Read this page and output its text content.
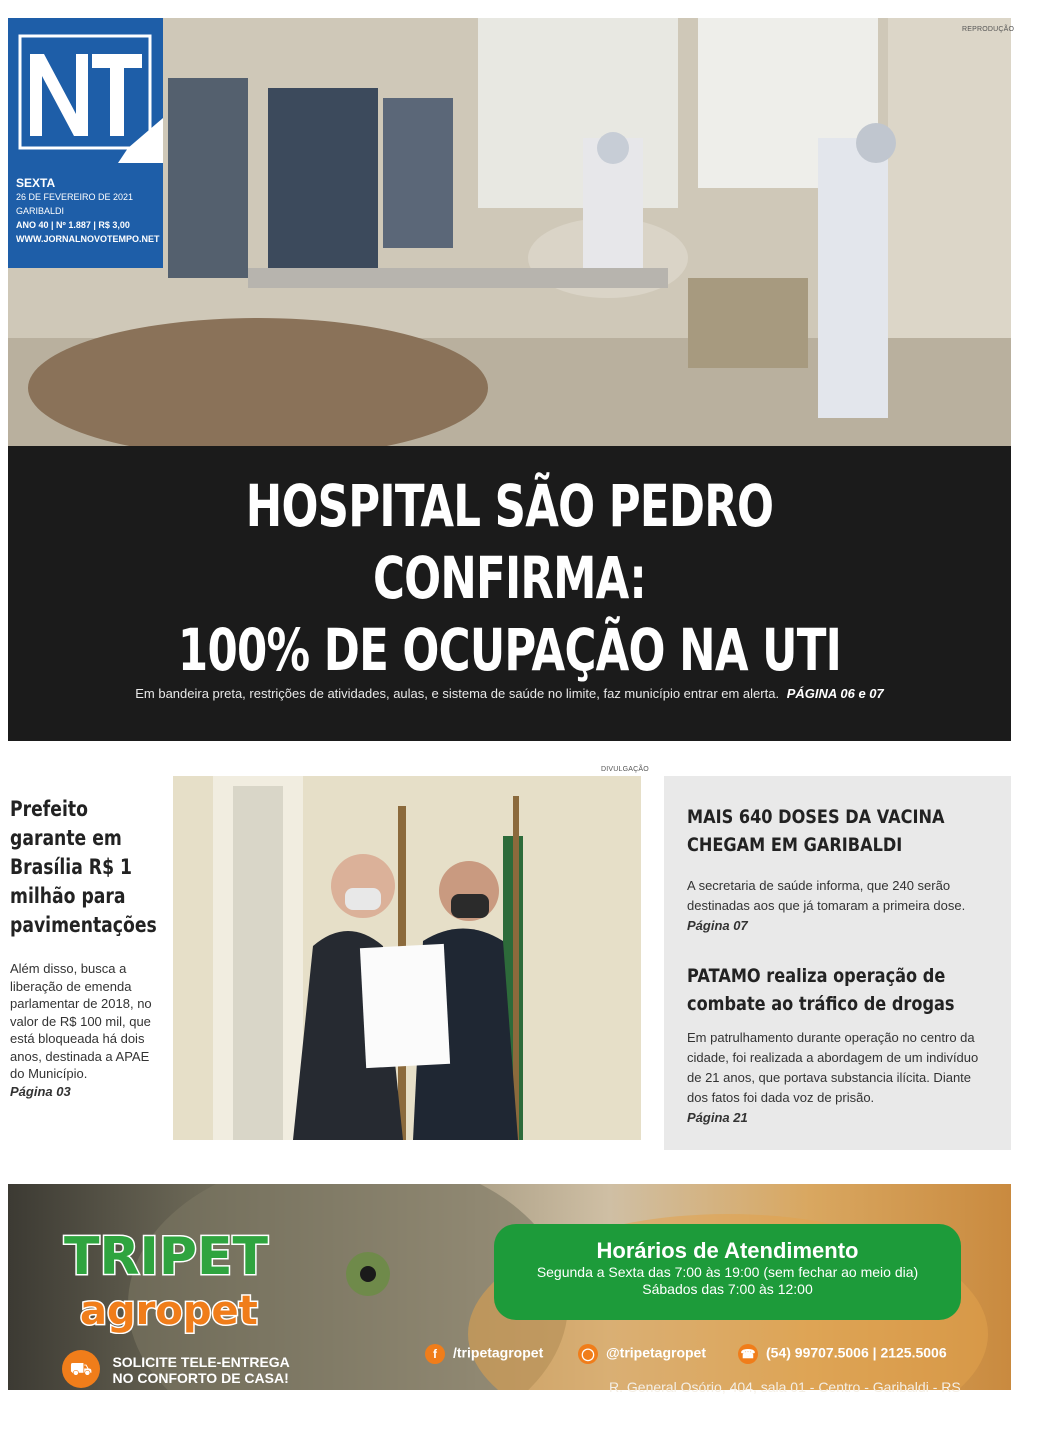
REPRODUÇÃO
SEXTA
26 DE FEVEREIRO DE 2021
GARIBALDI
ANO 40 | Nº 1.887 | R$ 3,00
WWW.JORNALNOVOTEMPO.NET
HOSPITAL SÃO PEDRO CONFIRMA:
100% DE OCUPAÇÃO NA UTI
Em bandeira preta, restrições de atividades, aulas, e sistema de saúde no limite, faz município entrar em alerta. PÁGINA 06 e 07
Prefeito garante em Brasília R$ 1 milhão para pavimentações
Além disso, busca a liberação de emenda parlamentar de 2018, no valor de R$ 100 mil, que está bloqueada há dois anos, destinada a APAE do Município.
Página 03
DIVULGAÇÃO
MAIS 640 DOSES DA VACINA
CHEGAM EM GARIBALDI
A secretaria de saúde informa, que 240 serão
destinadas aos que já tomaram a primeira dose.
Página 07
PATAMO realiza operação de
combate ao tráfico de drogas
Em patrulhamento durante operação no centro da
cidade, foi realizada a abordagem de um indivíduo
de 21 anos, que portava substancia ilícita. Diante
dos fatos foi dada voz de prisão.
Página 21
TRIPET
agropet
Horários de Atendimento
Segunda a Sexta das 7:00 às 19:00 (sem fechar ao meio dia)
Sábados das 7:00 às 12:00
⛟ SOLICITE TELE-ENTREGA
NO CONFORTO DE CASA!
f /tripetagropet	◯ @tripetagropet	☎ (54) 99707.5006 | 2125.5006
R. General Osório, 404, sala 01 - Centro - Garibaldi - RS
